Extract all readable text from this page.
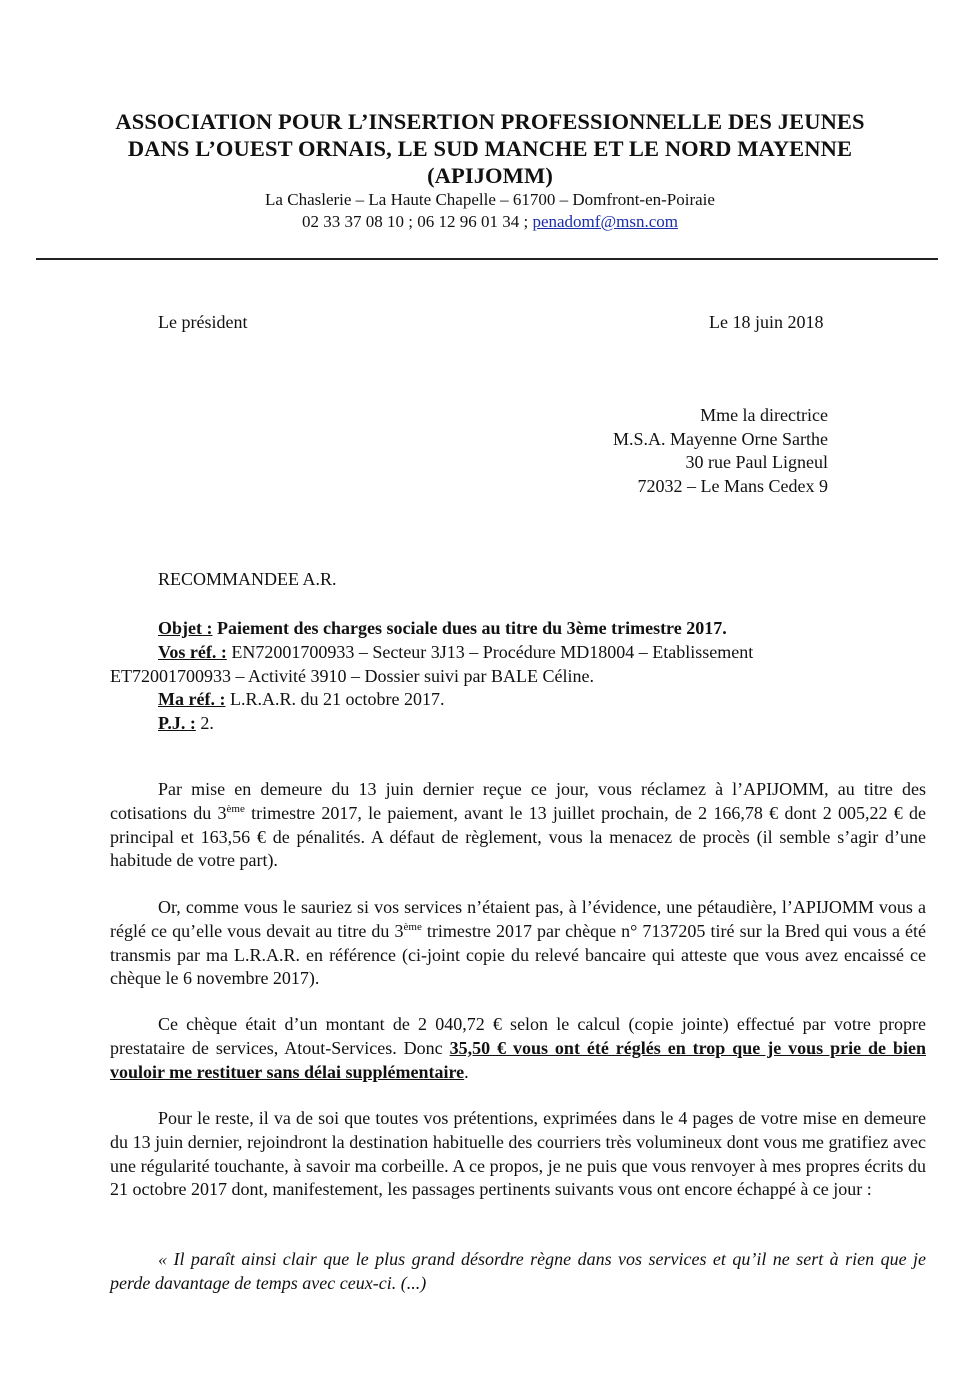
ASSOCIATION POUR L’INSERTION PROFESSIONNELLE DES JEUNES
DANS L’OUEST ORNAIS, LE SUD MANCHE ET LE NORD MAYENNE
(APIJOMM)
La Chaslerie – La Haute Chapelle – 61700 – Domfront-en-Poiraie
02 33 37 08 10 ; 06 12 96 01 34 ; penadomf@msn.com
Le président	Le 18 juin 2018
Mme la directrice
M.S.A. Mayenne Orne Sarthe
30 rue Paul Ligneul
72032 – Le Mans Cedex 9
RECOMMANDEE A.R.
Objet : Paiement des charges sociale dues au titre du 3ème trimestre 2017.
Vos réf. : EN72001700933 – Secteur 3J13 – Procédure MD18004 – Etablissement
ET72001700933 – Activité 3910 – Dossier suivi par BALE Céline.
Ma réf. : L.R.A.R. du 21 octobre 2017.
P.J. : 2.

Par mise en demeure du 13 juin dernier reçue ce jour, vous réclamez à l’APIJOMM, au titre des cotisations du 3ème trimestre 2017, le paiement, avant le 13 juillet prochain, de 2 166,78 € dont 2 005,22 € de principal et 163,56 € de pénalités. A défaut de règlement, vous la menacez de procès (il semble s’agir d’une habitude de votre part).

Or, comme vous le sauriez si vos services n’étaient pas, à l’évidence, une pétaudière, l’APIJOMM vous a réglé ce qu’elle vous devait au titre du 3ème trimestre 2017 par chèque n° 7137205 tiré sur la Bred qui vous a été transmis par ma L.R.A.R. en référence (ci-joint copie du relevé bancaire qui atteste que vous avez encaissé ce chèque le 6 novembre 2017).

Ce chèque était d’un montant de 2 040,72 € selon le calcul (copie jointe) effectué par votre propre prestataire de services, Atout-Services. Donc 35,50 € vous ont été réglés en trop que je vous prie de bien vouloir me restituer sans délai supplémentaire.

Pour le reste, il va de soi que toutes vos prétentions, exprimées dans le 4 pages de votre mise en demeure du 13 juin dernier, rejoindront la destination habituelle des courriers très volumineux dont vous me gratifiez avec une régularité touchante, à savoir ma corbeille. A ce propos, je ne puis que vous renvoyer à mes propres écrits du 21 octobre 2017 dont, manifestement, les passages pertinents suivants vous ont encore échappé à ce jour :

« Il paraît ainsi clair que le plus grand désordre règne dans vos services et qu’il ne sert à rien que je perde davantage de temps avec ceux-ci. (...)
